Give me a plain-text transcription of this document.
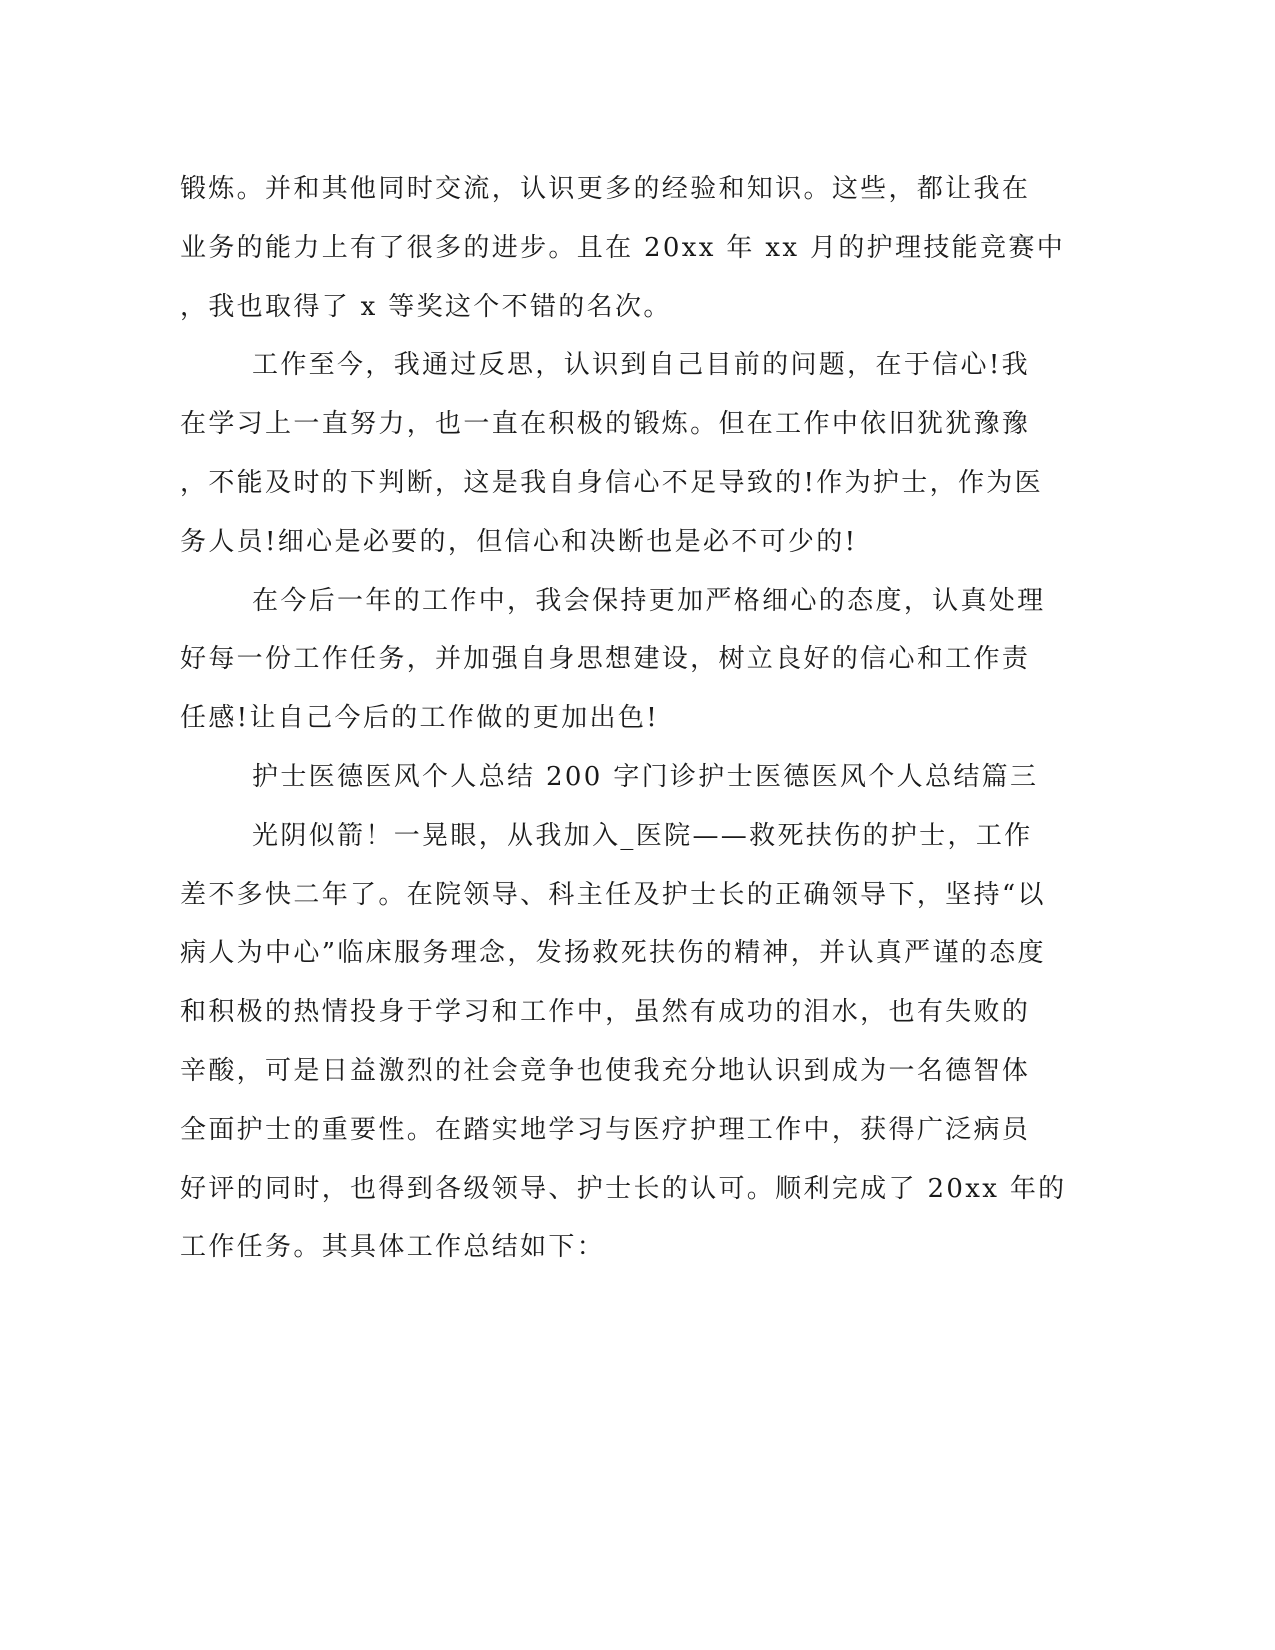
锻炼。并和其他同时交流，认识更多的经验和知识。这些，都让我在
业务的能力上有了很多的进步。且在 20xx 年 xx 月的护理技能竞赛中
，我也取得了 x 等奖这个不错的名次。
工作至今，我通过反思，认识到自己目前的问题，在于信心!我
在学习上一直努力，也一直在积极的锻炼。但在工作中依旧犹犹豫豫
，不能及时的下判断，这是我自身信心不足导致的!作为护士，作为医
务人员!细心是必要的，但信心和决断也是必不可少的!
在今后一年的工作中，我会保持更加严格细心的态度，认真处理
好每一份工作任务，并加强自身思想建设，树立良好的信心和工作责
任感!让自己今后的工作做的更加出色!
护士医德医风个人总结 200 字门诊护士医德医风个人总结篇三
光阴似箭！一晃眼，从我加入_医院——救死扶伤的护士，工作
差不多快二年了。在院领导、科主任及护士长的正确领导下，坚持“以
病人为中心”临床服务理念，发扬救死扶伤的精神，并认真严谨的态度
和积极的热情投身于学习和工作中，虽然有成功的泪水，也有失败的
辛酸，可是日益激烈的社会竞争也使我充分地认识到成为一名德智体
全面护士的重要性。在踏实地学习与医疗护理工作中，获得广泛病员
好评的同时，也得到各级领导、护士长的认可。顺利完成了 20xx 年的
工作任务。其具体工作总结如下：
